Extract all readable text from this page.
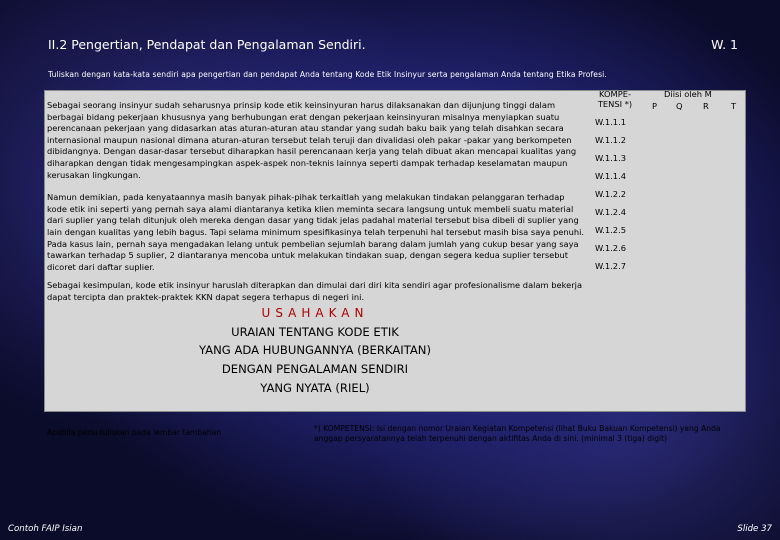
II.2 Pengertian, Pendapat dan Pengalaman Sendiri.	W. 1
Tuliskan dengan kata-kata sendiri apa pengertian dan pendapat Anda tentang Kode Etik Insinyur serta pengalaman Anda tentang Etika Profesi.

Sebagai seorang insinyur sudah seharusnya prinsip kode etik keinsinyuran harus dilaksanakan dan dijunjung tinggi dalam berbagai bidang pekerjaan khususnya yang berhubungan erat dengan pekerjaan keinsinyuran misalnya menyiapkan suatu perencanaan pekerjaan yang didasarkan atas aturan-aturan atau standar yang sudah baku baik yang telah disahkan secara internasional maupun nasional dimana aturan-aturan tersebut telah teruji dan divalidasi oleh pakar -pakar yang berkompeten dibidangnya. Dengan dasar-dasar tersebut diharapkan hasil perencanaan kerja yang telah dibuat akan mencapai kualitas yang diharapkan dengan tidak mengesampingkan aspek-aspek non-teknis lainnya seperti dampak terhadap keselamatan maupun kerusakan lingkungan.

Namun demikian, pada kenyataannya masih banyak pihak-pihak terkaitlah yang melakukan tindakan pelanggaran terhadap kode etik ini seperti yang pernah saya alami diantaranya ketika klien meminta secara langsung untuk membeli suatu material dari suplier yang telah ditunjuk oleh mereka dengan dasar yang tidak jelas padahal material tersebut bisa dibeli di suplier yang lain dengan kualitas yang lebih bagus. Tapi selama minimum spesifikasinya telah terpenuhi hal tersebut masih bisa saya penuhi. Pada kasus lain, pernah saya mengadakan lelang untuk pembelian sejumlah barang dalam jumlah yang cukup besar yang saya tawarkan terhadap 5 suplier, 2 diantaranya mencoba untuk melakukan tindakan suap, dengan segera kedua suplier tersebut dicoret dari daftar suplier.

Sebagai kesimpulan, kode etik insinyur haruslah diterapkan dan dimulai dari diri kita sendiri agar profesionalisme dalam bekerja dapat tercipta dan praktek-praktek KKN dapat segera terhapus di negeri ini.
KOMPE-
TENSI *)
Diisi oleh M
P Q R	T
W.1.1.1
W.1.1.2
W.1.1.3
W.1.1.4
W.1.2.2
W.1.2.4
W.1.2.5
W.1.2.6
W.1.2.7
USAHAKAN
URAIAN TENTANG KODE ETIK
YANG ADA HUBUNGANNYA (BERKAITAN)
DENGAN PENGALAMAN SENDIRI
YANG NYATA (RIEL)
Apabila perlu tuliskan pada lembar tambahan	*) KOMPETENSI: Isi dengan nomor Uraian Kegiatan Kompetensi (lihat Buku Bakuan Kompetensi) yang Anda anggap persyaratannya telah terpenuhi dengan aktifitas Anda di sini. (minimal 3 (tiga) digit)
Contoh FAIP Isian	Slide 37
